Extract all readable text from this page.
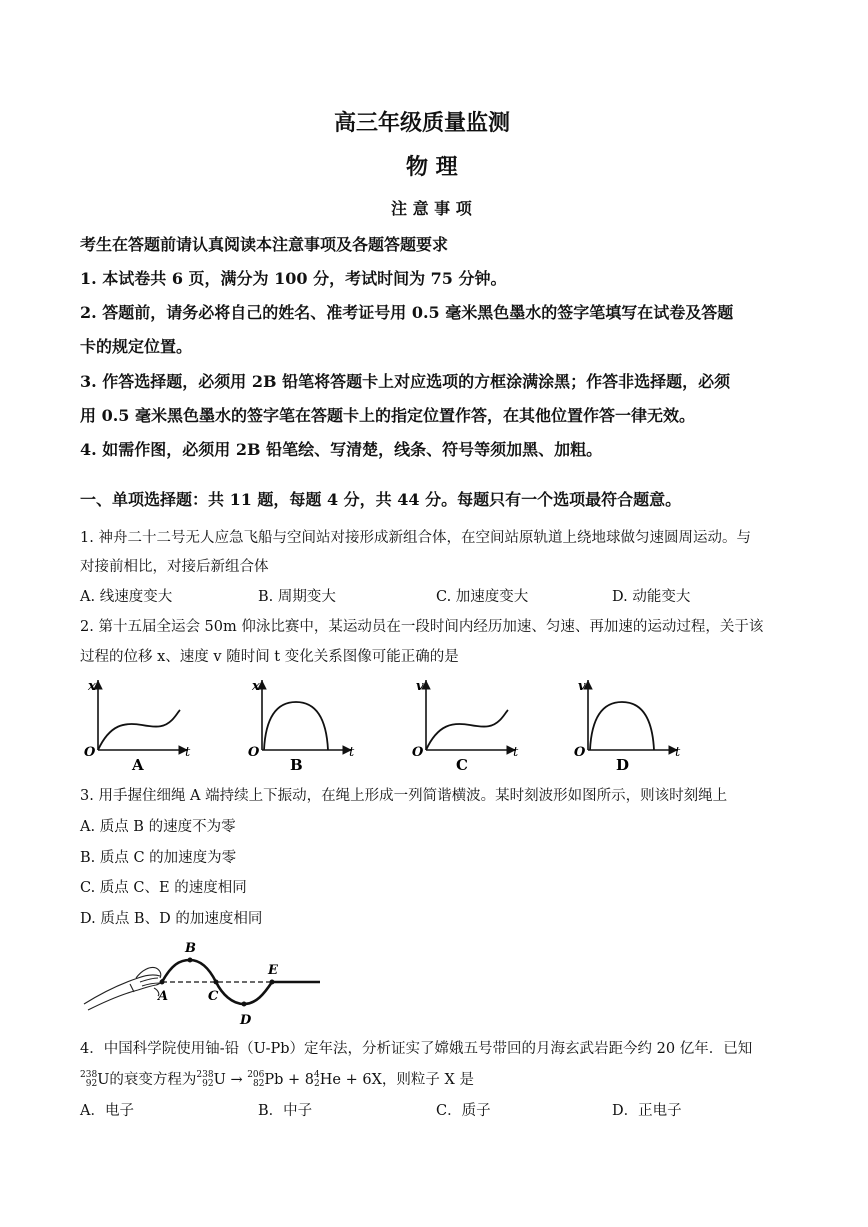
高三年级质量监测
物 理
注 意 事 项
考生在答题前请认真阅读本注意事项及各题答题要求
1. 本试卷共 6 页，满分为 100 分，考试时间为 75 分钟。
2. 答题前，请务必将自己的姓名、准考证号用 0.5 毫米黑色墨水的签字笔填写在试卷及答题
卡的规定位置。
3. 作答选择题，必须用 2B 铅笔将答题卡上对应选项的方框涂满涂黑；作答非选择题，必须
用 0.5 毫米黑色墨水的签字笔在答题卡上的指定位置作答，在其他位置作答一律无效。
4. 如需作图，必须用 2B 铅笔绘、写清楚，线条、符号等须加黑、加粗。
一、单项选择题：共 11 题，每题 4 分，共 44 分。每题只有一个选项最符合题意。
1. 神舟二十二号无人应急飞船与空间站对接形成新组合体，在空间站原轨道上绕地球做匀速圆周运动。与
对接前相比，对接后新组合体
A. 线速度变大	B. 周期变大	C. 加速度变大	D. 动能变大
2. 第十五届全运会 50m 仰泳比赛中，某运动员在一段时间内经历加速、匀速、再加速的运动过程，关于该
过程的位移 x、速度 v 随时间 t 变化关系图像可能正确的是
x
O	t
A
x
O	t
B
v
O	t
C
v
O	t
D
3. 用手握住细绳 A 端持续上下振动，在绳上形成一列简谐横波。某时刻波形如图所示，则该时刻绳上
A. 质点 B 的速度不为零
B. 质点 C 的加速度为零
C. 质点 C、E 的速度相同
D. 质点 B、D 的加速度相同
A
B
C
D
E
4．中国科学院使用铀-铅（U-Pb）定年法，分析证实了嫦娥五号带回的月海玄武岩距今约 20 亿年．已知
238
92 U的衰变方程为 238
92 U → 206
82 Pb + 8 4
2 He + 6X，则粒子 X 是
A．电子	B．中子	C．质子	D．正电子
